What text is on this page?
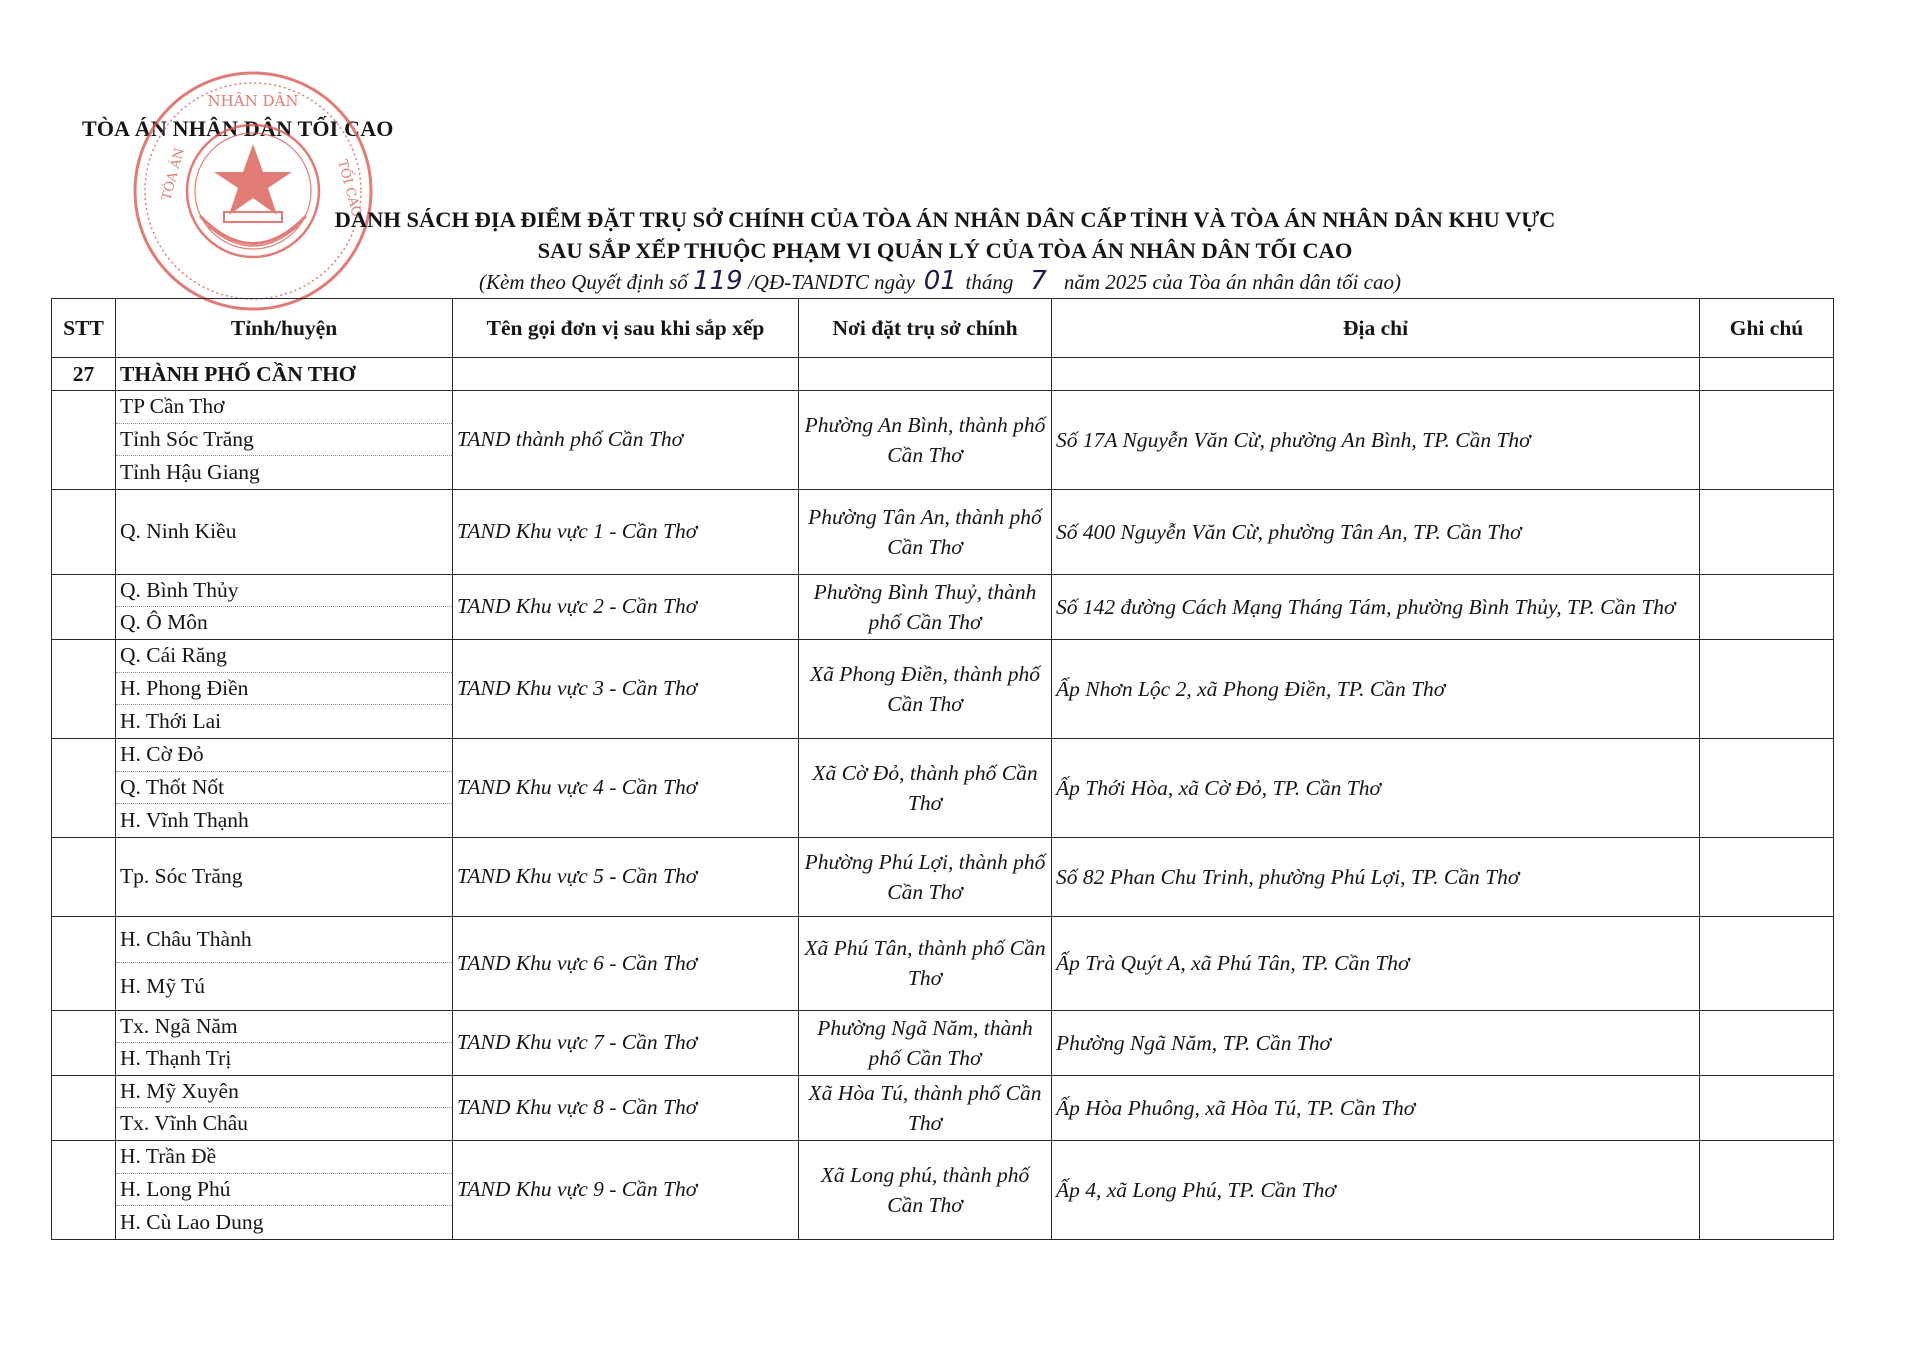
TÒA ÁN NHÂN DÂN TỐI CAO
NHÂN DÂN
TÒA ÁN	TỐI CAO
DANH SÁCH ĐỊA ĐIỂM ĐẶT TRỤ SỞ CHÍNH CỦA TÒA ÁN NHÂN DÂN CẤP TỈNH VÀ TÒA ÁN NHÂN DÂN KHU VỰC
SAU SẮP XẾP THUỘC PHẠM VI QUẢN LÝ CỦA TÒA ÁN NHÂN DÂN TỐI CAO
(Kèm theo Quyết định số 119 /QĐ-TANDTC ngày 01 tháng 7 năm 2025 của Tòa án nhân dân tối cao)
STT	Tỉnh/huyện	Tên gọi đơn vị sau khi sắp xếp	Nơi đặt trụ sở chính	Địa chỉ	Ghi chú
27	THÀNH PHỐ CẦN THƠ				

TP Cần Thơ
Tỉnh Sóc Trăng
Tỉnh Hậu Giang	TAND thành phố Cần Thơ	Phường An Bình, thành phố Cần Thơ	Số 17A Nguyễn Văn Cừ, phường An Bình, TP. Cần Thơ	

Q. Ninh Kiều	TAND Khu vực 1 - Cần Thơ	Phường Tân An, thành phố Cần Thơ	Số 400 Nguyễn Văn Cừ, phường Tân An, TP. Cần Thơ	

Q. Bình Thủy
Q. Ô Môn	TAND Khu vực 2 - Cần Thơ	Phường Bình Thuỷ, thành phố Cần Thơ	Số 142 đường Cách Mạng Tháng Tám, phường Bình Thủy, TP. Cần Thơ	

Q. Cái Răng
H. Phong Điền
H. Thới Lai	TAND Khu vực 3 - Cần Thơ	Xã Phong Điền, thành phố Cần Thơ	Ấp Nhơn Lộc 2, xã Phong Điền, TP. Cần Thơ	

H. Cờ Đỏ
Q. Thốt Nốt
H. Vĩnh Thạnh	TAND Khu vực 4 - Cần Thơ	Xã Cờ Đỏ, thành phố Cần Thơ	Ấp Thới Hòa, xã Cờ Đỏ, TP. Cần Thơ	

Tp. Sóc Trăng	TAND Khu vực 5 - Cần Thơ	Phường Phú Lợi, thành phố Cần Thơ	Số 82 Phan Chu Trinh, phường Phú Lợi, TP. Cần Thơ	

H. Châu Thành
H. Mỹ Tú	TAND Khu vực 6 - Cần Thơ	Xã Phú Tân, thành phố Cần Thơ	Ấp Trà Quýt A, xã Phú Tân, TP. Cần Thơ	

Tx. Ngã Năm
H. Thạnh Trị	TAND Khu vực 7 - Cần Thơ	Phường Ngã Năm, thành phố Cần Thơ	Phường Ngã Năm, TP. Cần Thơ	

H. Mỹ Xuyên
Tx. Vĩnh Châu	TAND Khu vực 8 - Cần Thơ	Xã Hòa Tú, thành phố Cần Thơ	Ấp Hòa Phuông, xã Hòa Tú, TP. Cần Thơ	

H. Trần Đề
H. Long Phú
H. Cù Lao Dung	TAND Khu vực 9 - Cần Thơ	Xã Long phú, thành phố Cần Thơ	Ấp 4, xã Long Phú, TP. Cần Thơ	
